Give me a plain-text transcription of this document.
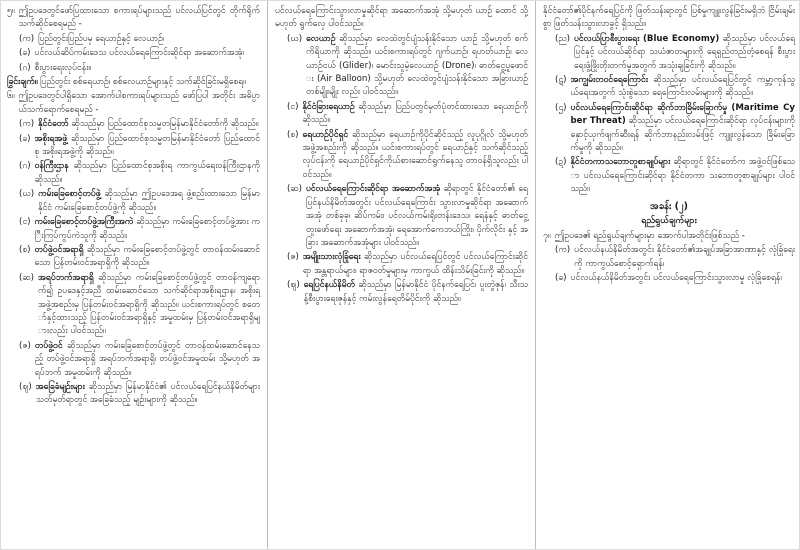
၅။ ဤဥပဒေတွင်ဖော်ပြထားသော စကားရပ်များသည် ပင်လယ်ပြင်တွင် တိုက်ရိုက် သက်ဆိုင်စေရမည် -
(က) ပြည်တွင်းပြည်ပမှ ရေယာဉ်နှင့် လေယာဉ်၊
(ခ) ပင်လယ်ဆိပ်ကမ်းဒေသ ပင်လယ်ရေကြောင်းဆိုင်ရာ အဆောက်အအုံ၊
(ဂ) စီးပွားရေးလုပ်ငန်း။
ခြွင်းချက်။ ပြည်တွင်း စစ်ရေယာဉ်၊ စစ်လေယာဉ်များနှင့် သက်ဆိုင်ခြင်းမရှိစေရ။
၆။ ဤဥပဒေတွင်ပါရှိသော အောက်ပါစကားရပ်များသည် ဖော်ပြပါ အတိုင်း အဓိပ္ပာယ်သက်ရောက်စေရမည် -
(က) နိုင်ငံတော် ဆိုသည်မှာ ပြည်ထောင်စုသမ္မတမြန်မာနိုင်ငံတော်ကို ဆိုသည်။
(ခ) အစိုးရအဖွဲ့ ဆိုသည်မှာ ပြည်ထောင်စုသမ္မတမြန်မာနိုင်ငံတော် ပြည်ထောင်စု အစိုးရအဖွဲ့ကို ဆိုသည်။
(ဂ) ဝန်ကြီးဌာန ဆိုသည်မှာ ပြည်ထောင်စုအစိုးရ ကာကွယ်ရေးဝန်ကြီးဌာနကို ဆိုသည်။
(ဃ) ကမ်းခြေစောင့်တပ်ဖွဲ့ ဆိုသည်မှာ ဤဥပဒေအရ ဖွဲ့စည်းထားသော မြန်မာနိုင်ငံ ကမ်းခြေစောင့်တပ်ဖွဲ့ကို ဆိုသည်။
(င) ကမ်းခြေစောင့်တပ်ဖွဲ့အကြီးအကဲ ဆိုသည်မှာ ကမ်းခြေစောင့်တပ်ဖွဲ့အား ကြီးကြပ်ကွပ်ကဲသူကို ဆိုသည်။
(စ) တပ်ဖွဲ့ဝင်အရာရှိ ဆိုသည်မှာ ကမ်းခြေစောင့်တပ်ဖွဲ့တွင် တာဝန်ထမ်းဆောင်သော ပြန်တမ်းဝင်အရာရှိကို ဆိုသည်။
(ဆ) အရပ်ဘက်အရာရှိ ဆိုသည်မှာ ကမ်းခြေစောင့်တပ်ဖွဲ့တွင် တာဝန်ကျရောက်၍ ဥပဒေနှင့်အညီ ထမ်းဆောင်သော သက်ဆိုင်ရာအစိုးရဌာန၊ အစိုးရအဖွဲ့အစည်းမှ ပြန်တမ်းဝင်အရာရှိကို ဆိုသည်။ ယင်းစကားရပ်တွင် စတော်နှင့်ထားသည့် ပြန်တမ်းဝင်အရာရှိနှင့် အမှုထမ်းမှ ပြန်တမ်းဝင်အရာရှိများလည်း ပါဝင်သည်။
(ဇ) တပ်ဖွဲ့ဝင် ဆိုသည်မှာ ကမ်းခြေစောင့်တပ်ဖွဲ့တွင် တာဝန်ထမ်းဆောင်နေသည့် တပ်ဖွဲ့ဝင်အရာရှိ အရပ်ဘက်အရာရှိ၊ တပ်ဖွဲ့ဝင်အမှုထမ်း သို့မဟုတ် အရပ်ဘက် အမှုထမ်းကို ဆိုသည်။
(ဈ) အခြေခံမျဉ်းများ ဆိုသည်မှာ မြန်မာနိုင်ငံ၏ ပင်လယ်ရေပြင်နယ်နိမိတ်များ သတ်မှတ်ရာတွင် အခြေခံသည့် မျဉ်းများကို ဆိုသည်။
ပင်လယ်ရေကြောင်းသွားလာမှုဆိုင်ရာ အဆောက်အအုံ သို့မဟုတ် ယာဉ် ထောင် သို့မဟုတ် ရွက်လှေ ပါဝင်သည်။
(ဃ) လေယာဉ် ဆိုသည်မှာ လေထဲတွင်ပျံသန်းနိုင်သော ယာဉ် သို့မဟုတ် စက်ကိရိယာကို ဆိုသည်။ ယင်းစကားရပ်တွင် ဂျက်ယာဉ်၊ ရဟတ်ယာဉ်၊ လေယာဉ်ငယ် (Glider)၊ မောင်းသူမဲ့လေယာဉ် (Drone)၊ ဓာတ်ငွေ့ပူဖောင်း (Air Balloon) သို့မဟုတ် လေထဲတွင်ပျံသန်းနိုင်သော အခြားယာဉ်တစ်မျိုးမျိုး လည်း ပါဝင်သည်။
(င) နိုင်ငံခြားရေယာဉ် ဆိုသည်မှာ ပြည်ပတွင်မှတ်ပုံတင်ထားသော ရေယာဉ်ကို ဆိုသည်။
(စ) ရေယာဉ်ပိုင်ရှင် ဆိုသည်မှာ ရေယာဉ်ကိုပိုင်ဆိုင်သည့် လူပုဂ္ဂိုလ် သို့မဟုတ် အဖွဲ့အစည်းကို ဆိုသည်။ ယင်းစကားရပ်တွင် ရေယာဉ်နှင့် သက်ဆိုင်သည့်လုပ်ငန်းကို ရေယာဉ်ပိုင်ရှင်ကိုယ်စားဆောင်ရွက်နေသူ တာဝန်ရှိသူလည်း ပါဝင်သည်။
(ဆ) ပင်လယ်ရေကြောင်းဆိုင်ရာ အဆောက်အအုံ ဆိုရာတွင် နိုင်ငံတော်၏ ရေပြင်နယ်နိမိတ်အတွင်း ပင်လယ်ရေကြောင်း သွားလာမှုဆိုင်ရာ အဆောက်အအုံ တစ်ခုခု၊ ဆိပ်ကမ်း၊ ပင်လယ်ကမ်းရိုးတန်းဒေသ၊ ရေနံနှင့် ဓာတ်ငွေ့တူးဖော်ရေး အဆောက်အအုံ၊ ရေအောက်ကေဘယ်ကြိုး၊ ပိုက်လိုင်း နှင့် အခြား အဆောက်အအုံများ ပါဝင်သည်။
(ဇ) အမျိုးသားလုံခြုံရေး ဆိုသည်မှာ ပင်လယ်ရေပြင်တွင် ပင်လယ်ကြောင်းဆိုင်ရာ အန္တရာယ်များ၊ ရာဇဝတ်မှုများမှ ကာကွယ် ထိန်းသိမ်းခြင်းကို ဆိုသည်။
(ဈ) ရေပြင်နယ်နိမိတ် ဆိုသည်မှာ မြန်မာနိုင်ငံ ပိုင်နက်ရေပြင်၊ ပူးတွဲဇုန်၊ သီးသန့်စီးပွားရေးဇုန်နှင့် ကမ်းလွန်ရေတိမ်ပိုင်းကို ဆိုသည်။
နိုင်ငံတော်၏ပိုင်နက်ရေပြင်ကို ဖြတ်သန်းရာတွင် ပြစ်မှုကျူးလွန်ခြင်းမရှိဘဲ ငြိမ်းချမ်းစွာ ဖြတ်သန်းသွားလာခွင့် ရှိသည်။
(ည) ပင်လယ်ပြာစီးပွားရေး (Blue Economy) ဆိုသည်မှာ ပင်လယ်ရေပြင်နှင့် ပင်လယ်ဆိုင်ရာ သယံဇာတများကို ရေရှည်တည်တံ့စေရန် စီးပွားရေးဖွံ့ဖြိုးတိုးတက်မှုအတွက် အသုံးချခြင်းကို ဆိုသည်။
(ဋ) အကျွမ်းတဝင်ရေကြောင်း ဆိုသည်မှာ ပင်လယ်ရေပြင်တွင် ကမ္ဘာ့ကုန်သွယ်ရေးအတွက် သုံးစွဲသော ရေကြောင်းလမ်းများကို ဆိုသည်။
(ဌ) ပင်လယ်ရေကြောင်းဆိုင်ရာ ဆိုက်ဘာခြိမ်းခြောက်မှု (Maritime Cyber Threat) ဆိုသည်မှာ ပင်လယ်ရေကြောင်းဆိုင်ရာ လုပ်ငန်းများကို နှောင့်ယှက်ဖျက်ဆီးရန် ဆိုက်ဘာနည်းလမ်းဖြင့် ကျူးလွန်သော ခြိမ်းခြောက်မှုကို ဆိုသည်။
(ဍ) နိုင်ငံတကာသဘောတူစာချုပ်များ ဆိုရာတွင် နိုင်ငံတော်က အဖွဲ့ဝင်ဖြစ်သော ပင်လယ်ရေကြောင်းဆိုင်ရာ နိုင်ငံတကာ သဘောတူစာချုပ်များ ပါဝင်သည်။
အခန်း (၂)
ရည်ရွယ်ချက်များ
၇။ ဤဥပဒေ၏ ရည်ရွယ်ချက်များမှာ အောက်ပါအတိုင်းဖြစ်သည် -
(က) ပင်လယ်နယ်နိမိတ်အတွင်း နိုင်ငံတော်၏အချုပ်အခြာအာဏာနှင့် လုံခြုံရေးကို ကာကွယ်စောင့်ရှောက်ရန်၊
(ခ) ပင်လယ်နယ်နိမိတ်အတွင်း ပင်လယ်ရေကြောင်းသွားလာမှု လုံခြုံစေရန်၊
